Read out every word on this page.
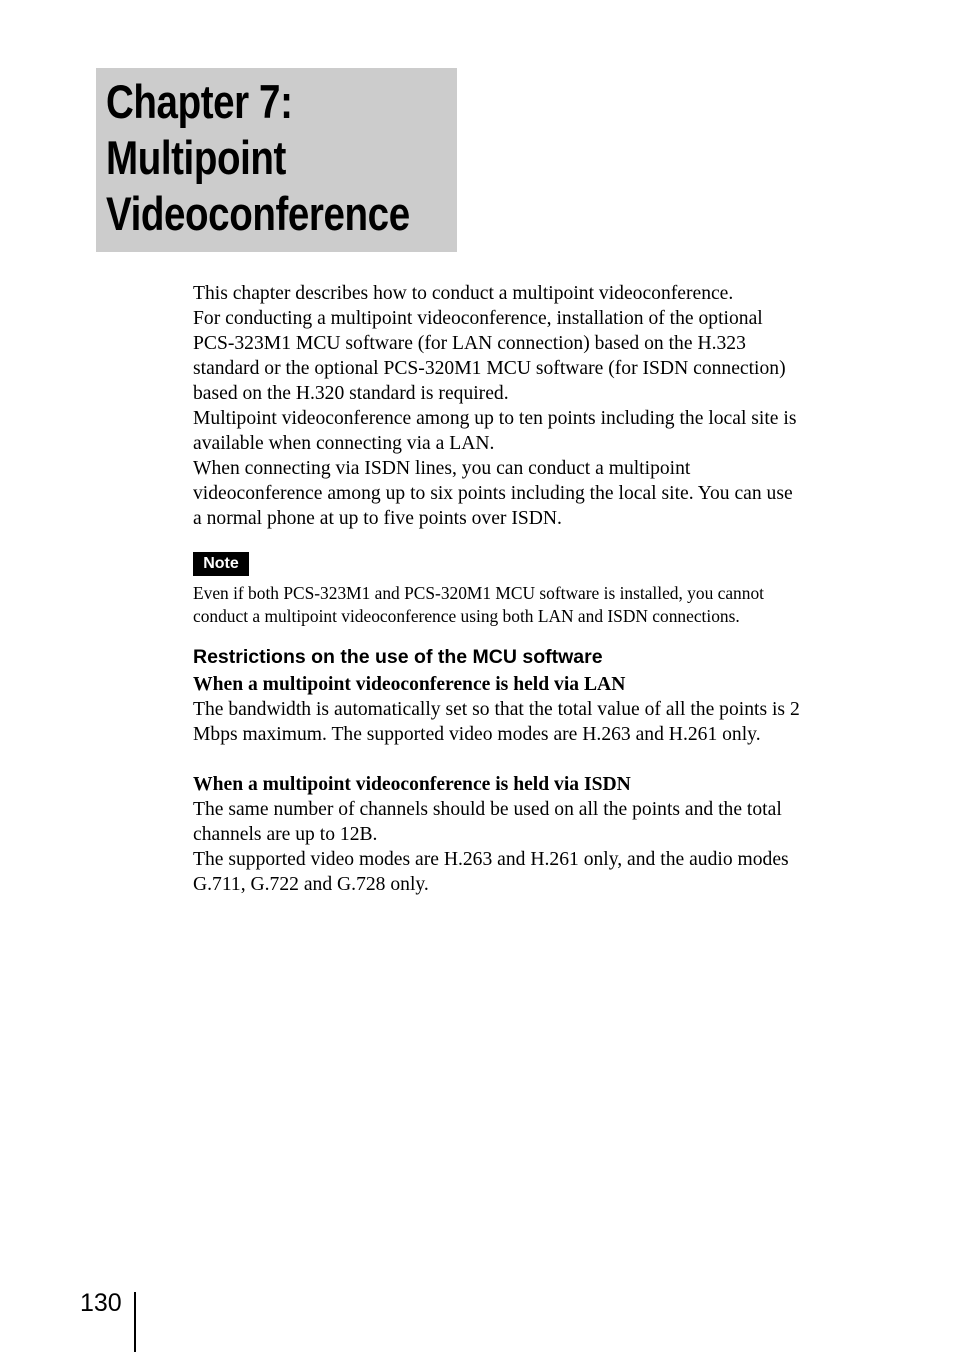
Chapter 7:
Multipoint
Videoconference
This chapter describes how to conduct a multipoint videoconference.
For conducting a multipoint videoconference, installation of the optional
PCS-323M1 MCU software (for LAN connection) based on the H.323
standard or the optional PCS-320M1 MCU software (for ISDN connection)
based on the H.320 standard is required.
Multipoint videoconference among up to ten points including the local site is
available when connecting via a LAN.
When connecting via ISDN lines, you can conduct a multipoint
videoconference among up to six points including the local site. You can use
a normal phone at up to five points over ISDN.
Note
Even if both PCS-323M1 and PCS-320M1 MCU software is installed, you cannot
conduct a multipoint videoconference using both LAN and ISDN connections.
Restrictions on the use of the MCU software
When a multipoint videoconference is held via LAN
The bandwidth is automatically set so that the total value of all the points is 2
Mbps maximum. The supported video modes are H.263 and H.261 only.
When a multipoint videoconference is held via ISDN
The same number of channels should be used on all the points and the total
channels are up to 12B.
The supported video modes are H.263 and H.261 only, and the audio modes
G.711, G.722 and G.728 only.
130
